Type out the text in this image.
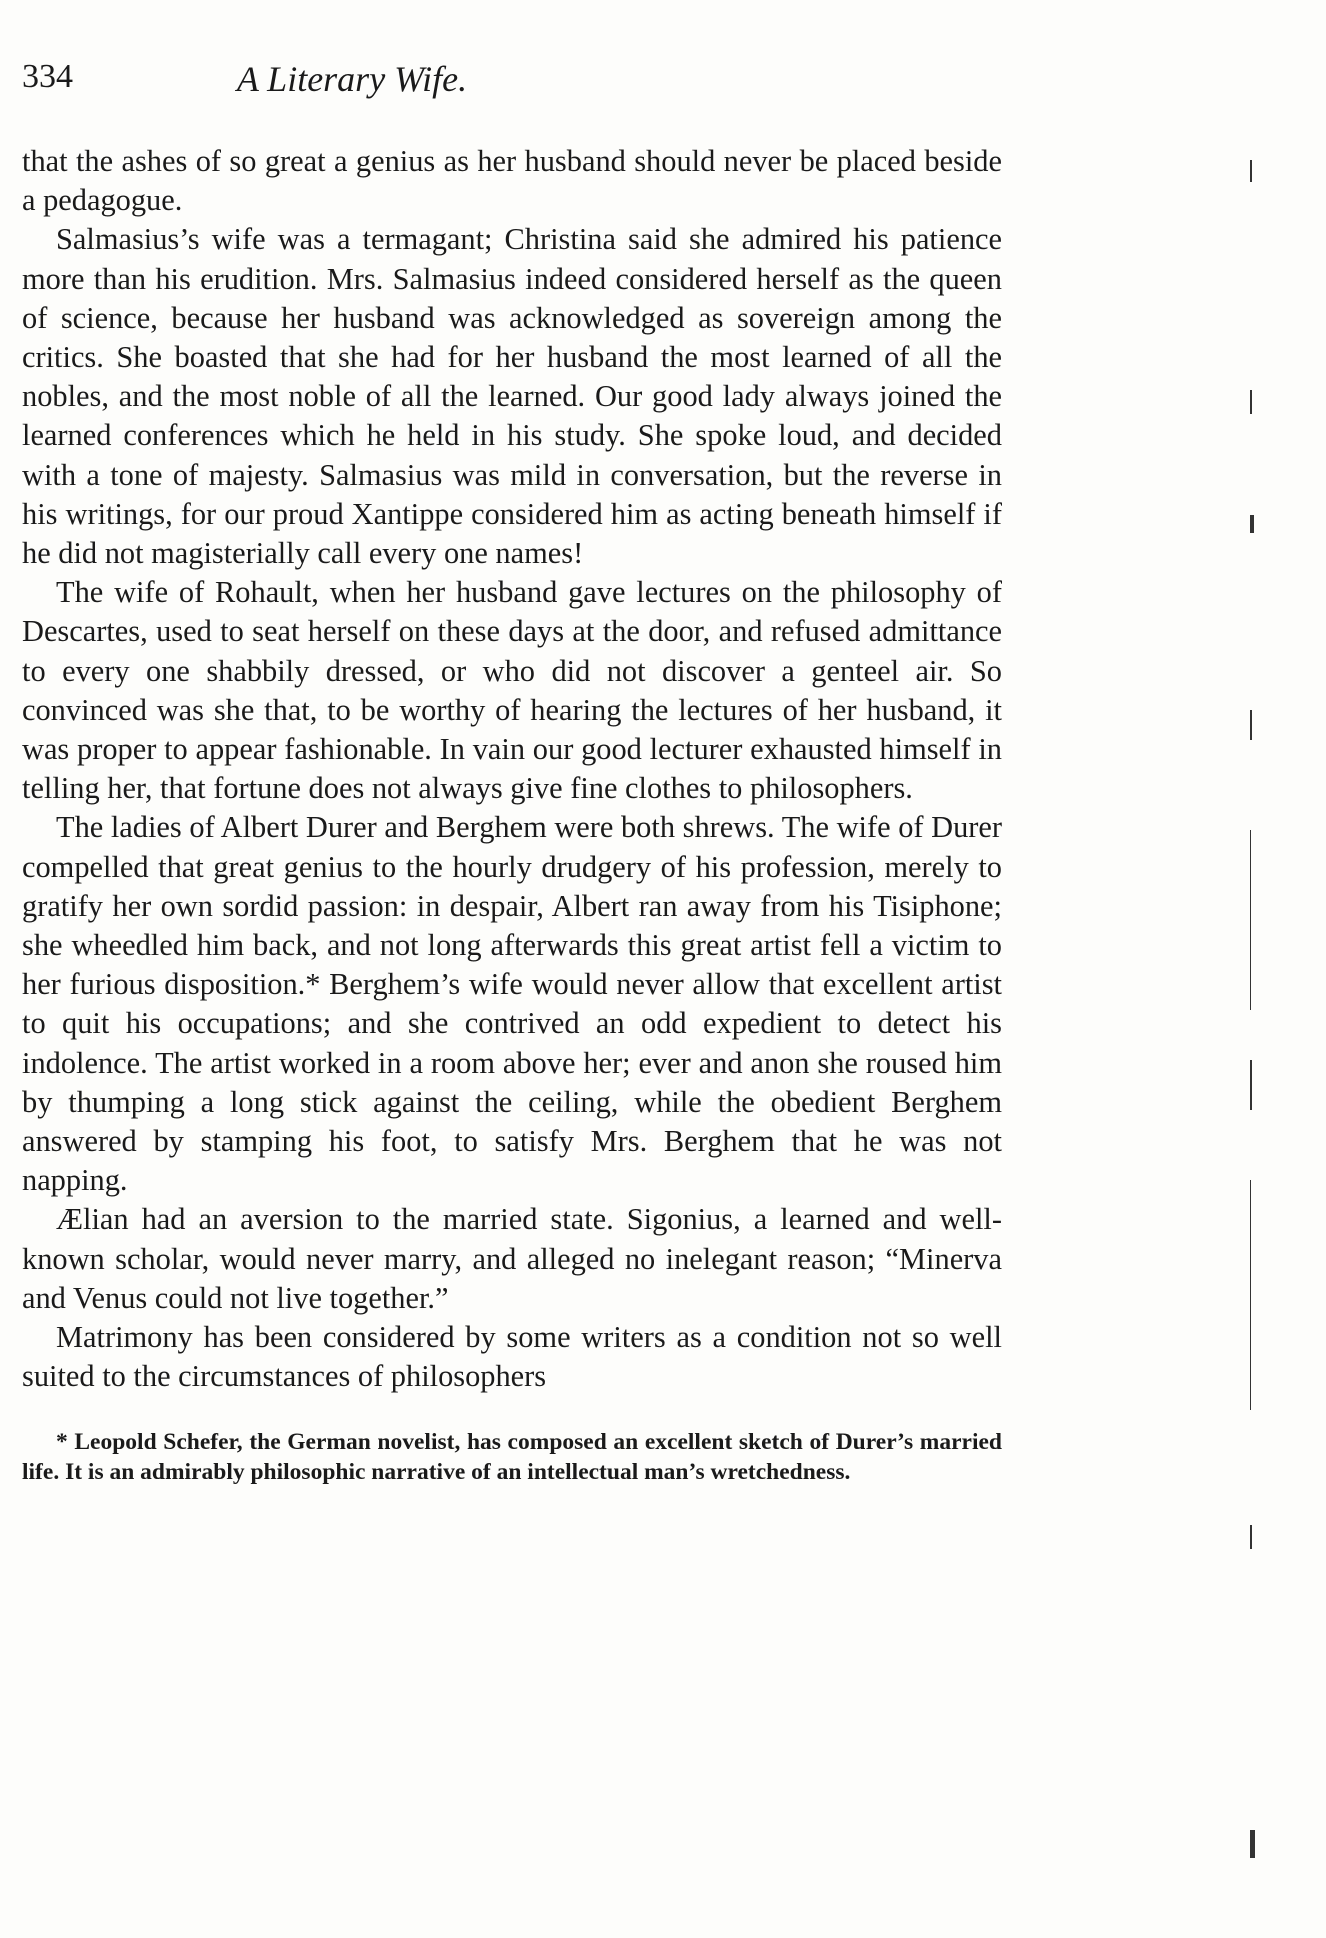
334	A Literary Wife.

that the ashes of so great a genius as her husband should never be placed beside a pedagogue.

Salmasius’s wife was a termagant; Christina said she admired his patience more than his erudition. Mrs. Salmasius indeed considered herself as the queen of science, because her husband was acknowledged as sovereign among the critics. She boasted that she had for her husband the most learned of all the nobles, and the most noble of all the learned. Our good lady always joined the learned conferences which he held in his study. She spoke loud, and decided with a tone of majesty. Salmasius was mild in conversation, but the reverse in his writings, for our proud Xantippe considered him as acting beneath himself if he did not magisterially call every one names!

The wife of Rohault, when her husband gave lectures on the philosophy of Descartes, used to seat herself on these days at the door, and refused admittance to every one shabbily dressed, or who did not discover a genteel air. So convinced was she that, to be worthy of hearing the lectures of her husband, it was proper to appear fashionable. In vain our good lecturer exhausted himself in telling her, that fortune does not always give fine clothes to philosophers.

The ladies of Albert Durer and Berghem were both shrews. The wife of Durer compelled that great genius to the hourly drudgery of his profession, merely to gratify her own sordid passion: in despair, Albert ran away from his Tisiphone; she wheedled him back, and not long afterwards this great artist fell a victim to her furious disposition.* Berghem’s wife would never allow that excellent artist to quit his occupations; and she contrived an odd expedient to detect his indolence. The artist worked in a room above her; ever and anon she roused him by thumping a long stick against the ceiling, while the obedient Berghem answered by stamping his foot, to satisfy Mrs. Berghem that he was not napping.

Ælian had an aversion to the married state. Sigonius, a learned and well-known scholar, would never marry, and alleged no inelegant reason; “Minerva and Venus could not live together.”

Matrimony has been considered by some writers as a condition not so well suited to the circumstances of philosophers

* Leopold Schefer, the German novelist, has composed an excellent sketch of Durer’s married life. It is an admirably philosophic narrative of an intellectual man’s wretchedness.
